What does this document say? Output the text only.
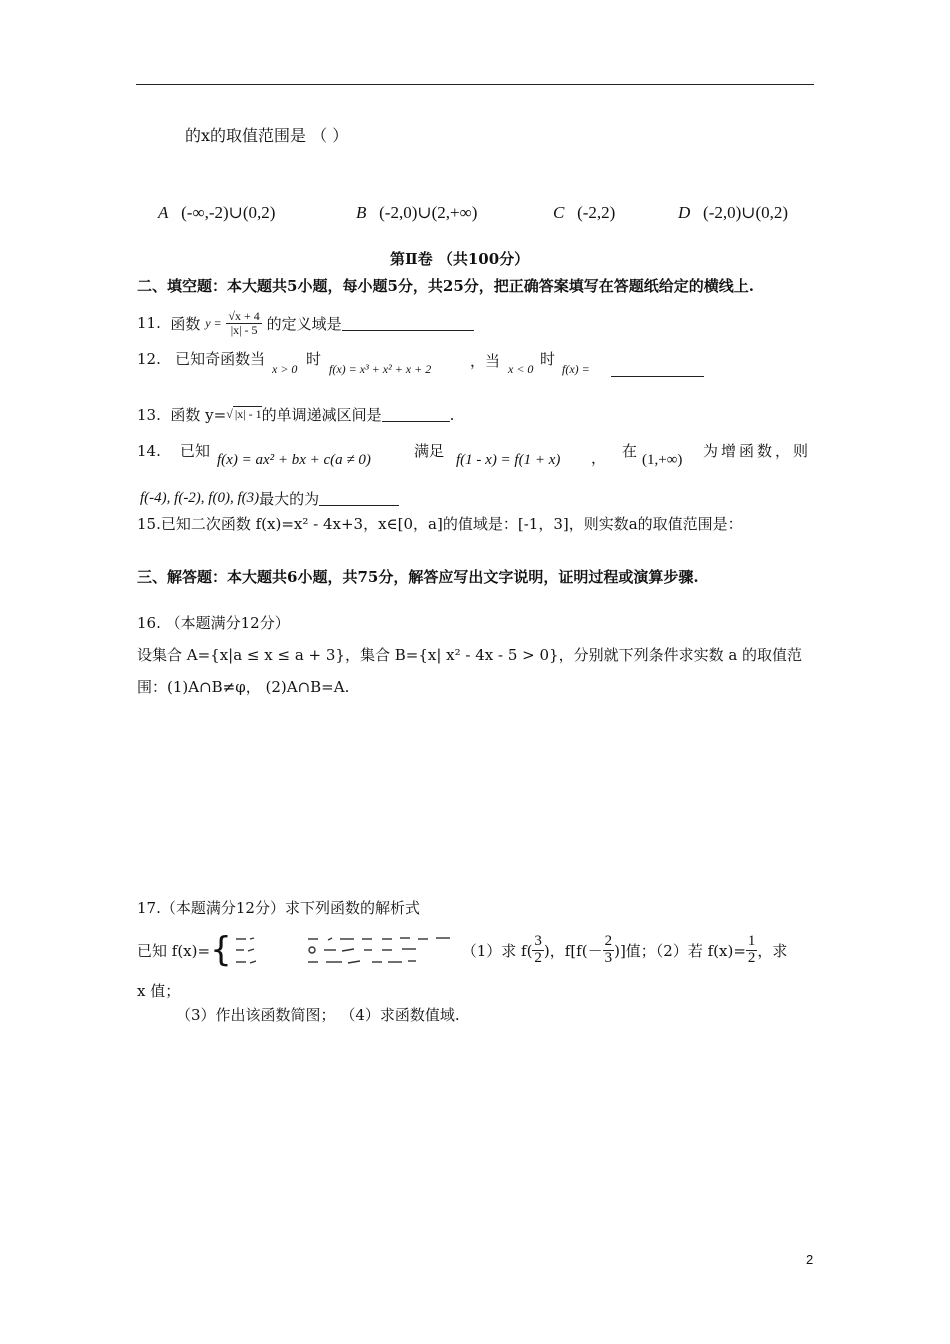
的x的取值范围是 （ ）
A (-∞,-2)∪(0,2)	B (-2,0)∪(2,+∞)	C (-2,2)	D (-2,0)∪(0,2)
第Ⅱ卷 （共100分）
二、填空题：本大题共5小题，每小题5分，共25分，把正确答案填写在答题纸给定的横线上.
11.
函数
y =
$\frac{√x + 4}{|x| - 5}$
的定义域是
12. 已知奇函数当
x > 0
时
f(x) = x³ + x² + x + 2	，当 x < 0
时
f(x) =
13.
函数 y= √ |x| - 1 的单调递减区间是	.
14. 已知 f(x) = ax² + bx + c(a ≠ 0)	满足 f(1 - x) = f(1 + x) ， 在 (1,+∞) 为增函数，则
f(-4), f(-2), f(0), f(3) 最大的为
15.已知二次函数 f(x)=x² - 4x+3，x∈[0，a]的值域是：[-1，3]，则实数a的取值范围是：
三、解答题：本大题共6小题，共75分，解答应写出文字说明，证明过程或演算步骤.
16. （本题满分12分）
设集合 A={x|a ≤ x ≤ a + 3}，集合 B={x| x² - 4x - 5 > 0}，分别就下列条件求实数 a 的取值范
围：(1)A∩B≠φ， (2)A∩B=A.
17.（本题满分12分）求下列函数的解析式
已知 f(x)= {	（1）求 $f( \frac{3}{2}$ )，$f[f(- \frac{2}{3}$ )]值；（2）若 $f(x)= \frac{1}{2}$ ，求
x 值；
（3）作出该函数简图； （4）求函数值域.
2
